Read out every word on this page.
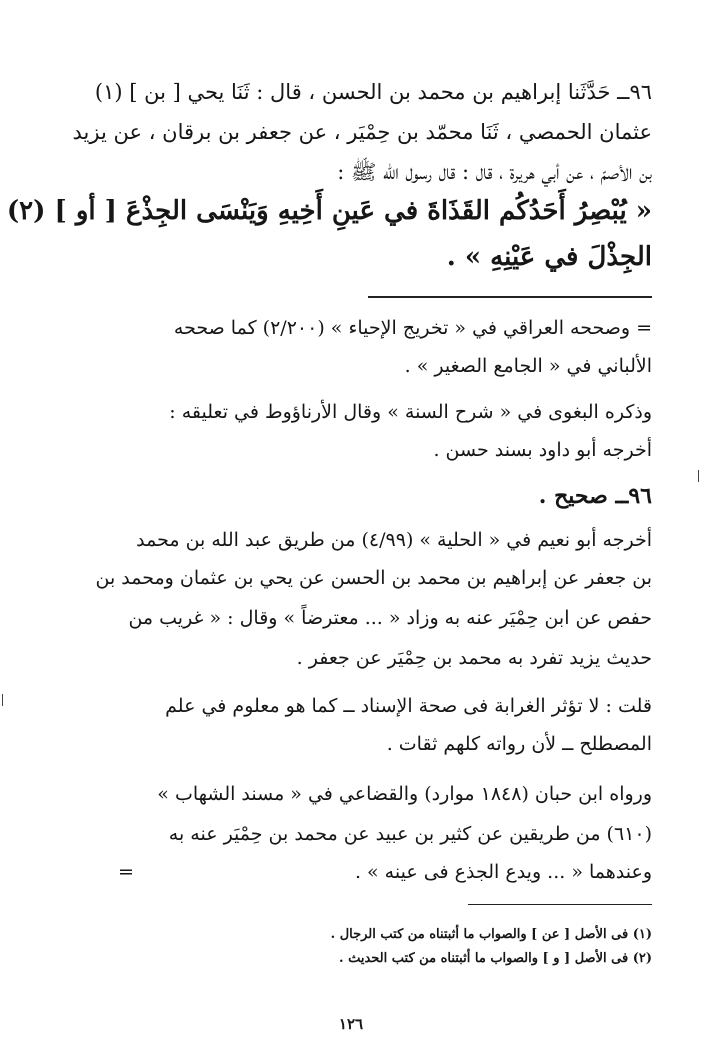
٩٦ــ حَدَّثَنا إبراهيم بن محمد بن الحسن ، قال : ثَنَا يحي [ بن ] (١)

عثمان الحمصي ، ثَنَا محمّد بن حِمْيَر ، عن جعفر بن برقان ، عن يزيد

بن الأصمّ ، عن أبي هريرة ، قال : قال رسول الله ﷺ :

« يُبْصِرُ أَحَدُكُم القَذَاةَ في عَينِ أَخِيهِ وَيَنْسَى الجِذْعَ [ أو ] (٢)

الجِذْلَ في عَيْنِهِ » .

= وصححه العراقي في « تخريج الإحياء » (٢/٢٠٠) كما صححه

الألباني في « الجامع الصغير » .

وذكره البغوى في « شرح السنة » وقال الأرناؤوط في تعليقه :

أخرجه أبو داود بسند حسن .

٩٦ــ صحيح .

أخرجه أبو نعيم في « الحلية » (٤/٩٩) من طريق عبد الله بن محمد

بن جعفر عن إبراهيم بن محمد بن الحسن عن يحي بن عثمان ومحمد بن

حفص عن ابن حِمْيَر عنه به وزاد « ... معترضاً » وقال : « غريب من

حديث يزيد تفرد به محمد بن حِمْيَر عن جعفر .

قلت : لا تؤثر الغرابة فى صحة الإسناد ــ كما هو معلوم في علم

المصطلح ــ لأن رواته كلهم ثقات .

ورواه ابن حبان (١٨٤٨ موارد) والقضاعي في « مسند الشهاب »

(٦١٠) من طريقين عن كثير بن عبيد عن محمد بن حِمْيَر عنه به

وعندهما « ... ويدع الجذع فى عينه » .

=

(١) فى الأصل [ عن ] والصواب ما أثبتناه من كتب الرجال .

(٢) فى الأصل [ و ] والصواب ما أثبتناه من كتب الحديث .

١٢٦
